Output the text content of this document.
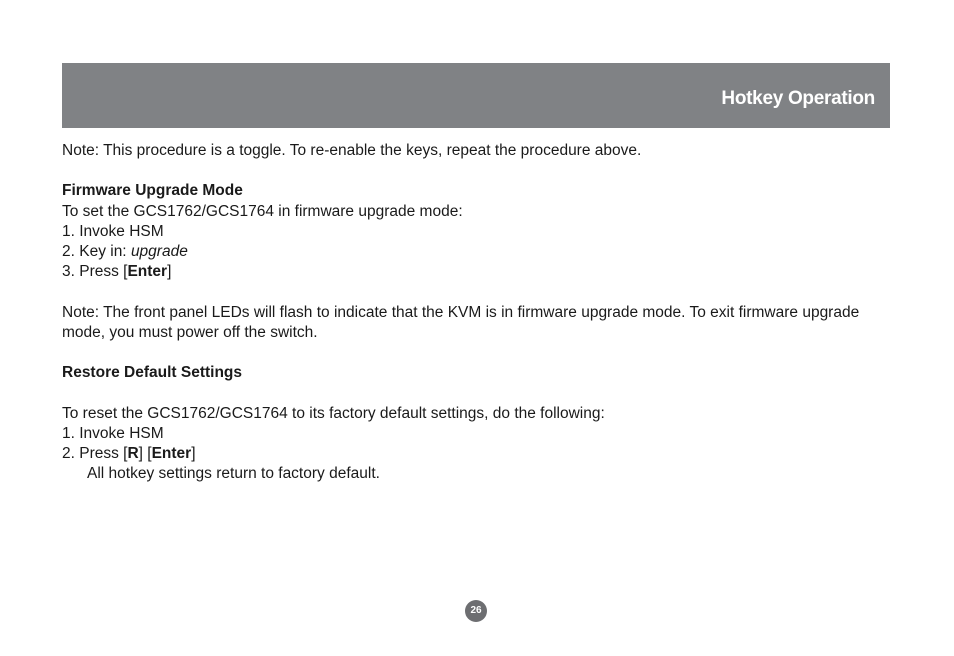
Hotkey Operation
Note: This procedure is a toggle. To re-enable the keys, repeat the procedure above.
Firmware Upgrade Mode
To set the GCS1762/GCS1764 in firmware upgrade mode:
1. Invoke HSM
2. Key in: upgrade
3. Press [Enter]
Note: The front panel LEDs will flash to indicate that the KVM is in firmware upgrade mode. To exit firmware upgrade mode, you must power off the switch.
Restore Default Settings
To reset the GCS1762/GCS1764 to its factory default settings, do the following:
1. Invoke HSM
2. Press [R] [Enter]
All hotkey settings return to factory default.
26
